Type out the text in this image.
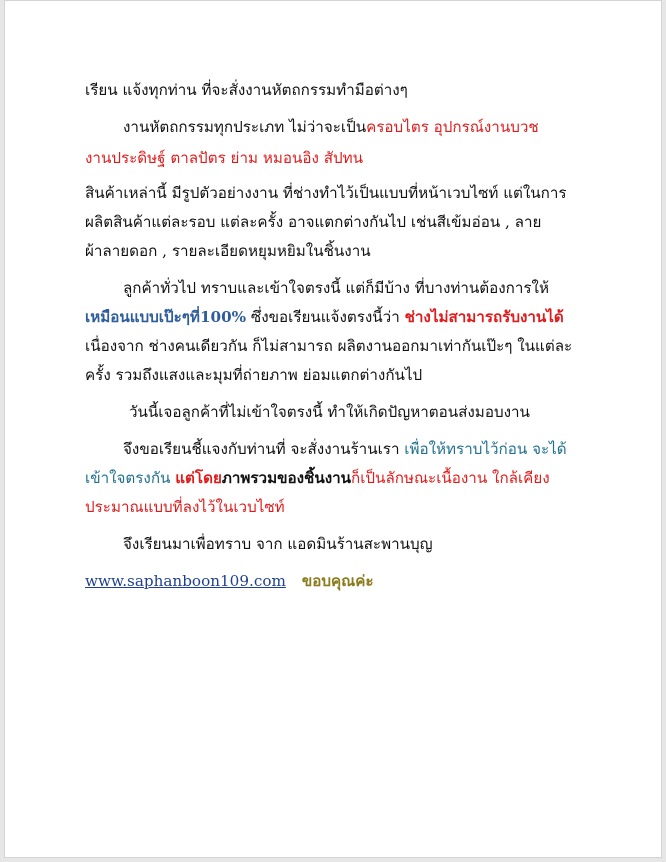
เรียน แจ้งทุกท่าน ที่จะสั่งงานหัตถกรรมทำมือต่างๆ

งานหัตถกรรมทุกประเภท ไม่ว่าจะเป็นครอบไตร อุปกรณ์งานบวช

งานประดิษฐ์ ตาลปัตร ย่าม หมอนอิง สัปทน

สินค้าเหล่านี้ มีรูปตัวอย่างงาน ที่ช่างทำไว้เป็นแบบที่หน้าเวบไซท์ แต่ในการ
ผลิตสินค้าแต่ละรอบ แต่ละครั้ง อาจแตกต่างกันไป เช่นสีเข้มอ่อน , ลาย
ผ้าลายดอก , รายละเอียดหยุมหยิมในชิ้นงาน
ลูกค้าทั่วไป ทราบและเข้าใจตรงนี้ แต่ก็มีบ้าง ที่บางท่านต้องการให้
เหมือนแบบเป๊ะๆที่100% ซึ่งขอเรียนแจ้งตรงนี้ว่า ช่างไม่สามารถรับงานได้
เนื่องจาก ช่างคนเดียวกัน ก็ไม่สามารถ ผลิตงานออกมาเท่ากันเป๊ะๆ ในแต่ละ
ครั้ง รวมถึงแสงและมุมที่ถ่ายภาพ ย่อมแตกต่างกันไป

วันนี้เจอลูกค้าที่ไม่เข้าใจตรงนี้ ทำให้เกิดปัญหาตอนส่งมอบงาน

จึงขอเรียนชี้แจงกับท่านที่ จะสั่งงานร้านเรา เพื่อให้ทราบไว้ก่อน จะได้
เข้าใจตรงกัน แต่โดยภาพรวมของชิ้นงานก็เป็นลักษณะเนื้องาน ใกล้เคียง
ประมาณแบบที่ลงไว้ในเวบไซท์

จึงเรียนมาเพื่อทราบ จาก แอดมินร้านสะพานบุญ

www.saphanboon109.com ขอบคุณค่ะ
